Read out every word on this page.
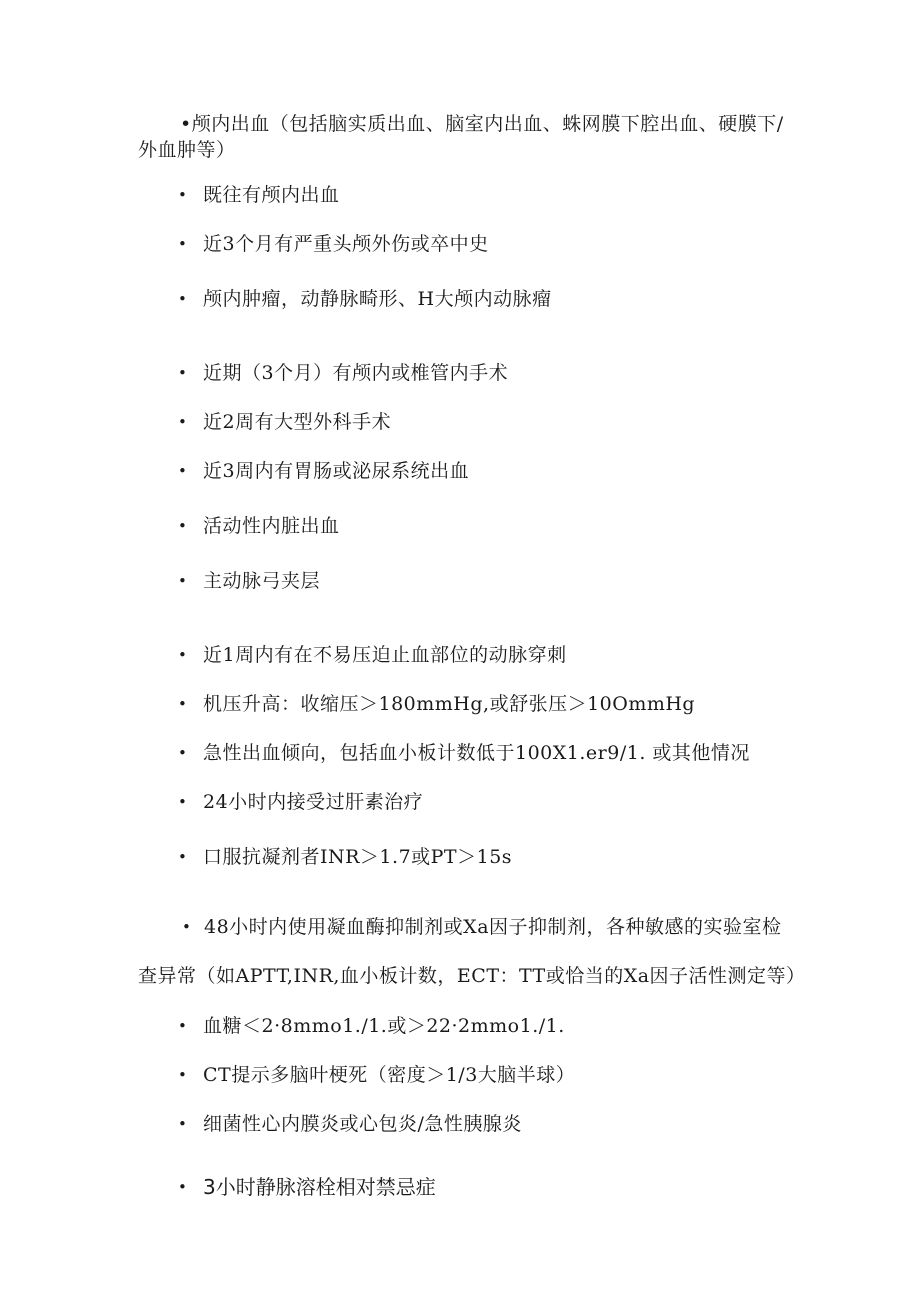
•颅内出血（包括脑实质出血、脑室内出血、蛛网膜下腔出血、硬膜下/
外血肿等）
• 既往有颅内出血
• 近3个月有严重头颅外伤或卒中史
• 颅内肿瘤，动静脉畸形、H大颅内动脉瘤
• 近期（3个月）有颅内或椎管内手术
• 近2周有大型外科手术
• 近3周内有胃肠或泌尿系统出血
• 活动性内脏出血
• 主动脉弓夹层
• 近1周内有在不易压迫止血部位的动脉穿刺
• 机压升高：收缩压＞180mmHg,或舒张压＞10OmmHg
• 急性出血倾向，包括血小板计数低于100X1.er9/1. 或其他情况
• 24小时内接受过肝素治疗
• 口服抗凝剂者INR＞1.7或PT＞15s
• 48小时内使用凝血酶抑制剂或Xa因子抑制剂，各种敏感的实验室检
查异常（如APTT,INR,血小板计数，ECT：TT或恰当的Xa因子活性测定等）
• 血糖＜2·8mmo1./1.或＞22·2mmo1./1.
• CT提示多脑叶梗死（密度＞1/3大脑半球）
• 细菌性心内膜炎或心包炎/急性胰腺炎
• 3小时静脉溶栓相对禁忌症
